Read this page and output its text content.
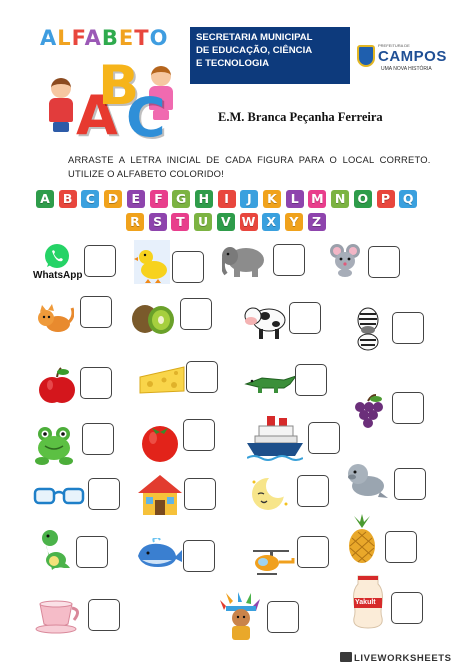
ALFABETO
A
B
C
SECRETARIA MUNICIPAL
DE EDUCAÇÃO, CIÊNCIA
E TECNOLOGIA
PREFEITURA DE
CAMPOS
UMA NOVA HISTÓRIA
E.M. Branca Peçanha Ferreira
ARRASTE  A  LETRA  INICIAL  DE  CADA  FIGURA  PARA  O  LOCAL  CORRETO.
UTILIZE O ALFABETO COLORIDO!
A	B	C	D	E	F	G H	I	J	K	L M N O	P	Q
R	S	T	U	V W X	Y	Z
WhatsApp
Yakult
LIVEWORKSHEETS
